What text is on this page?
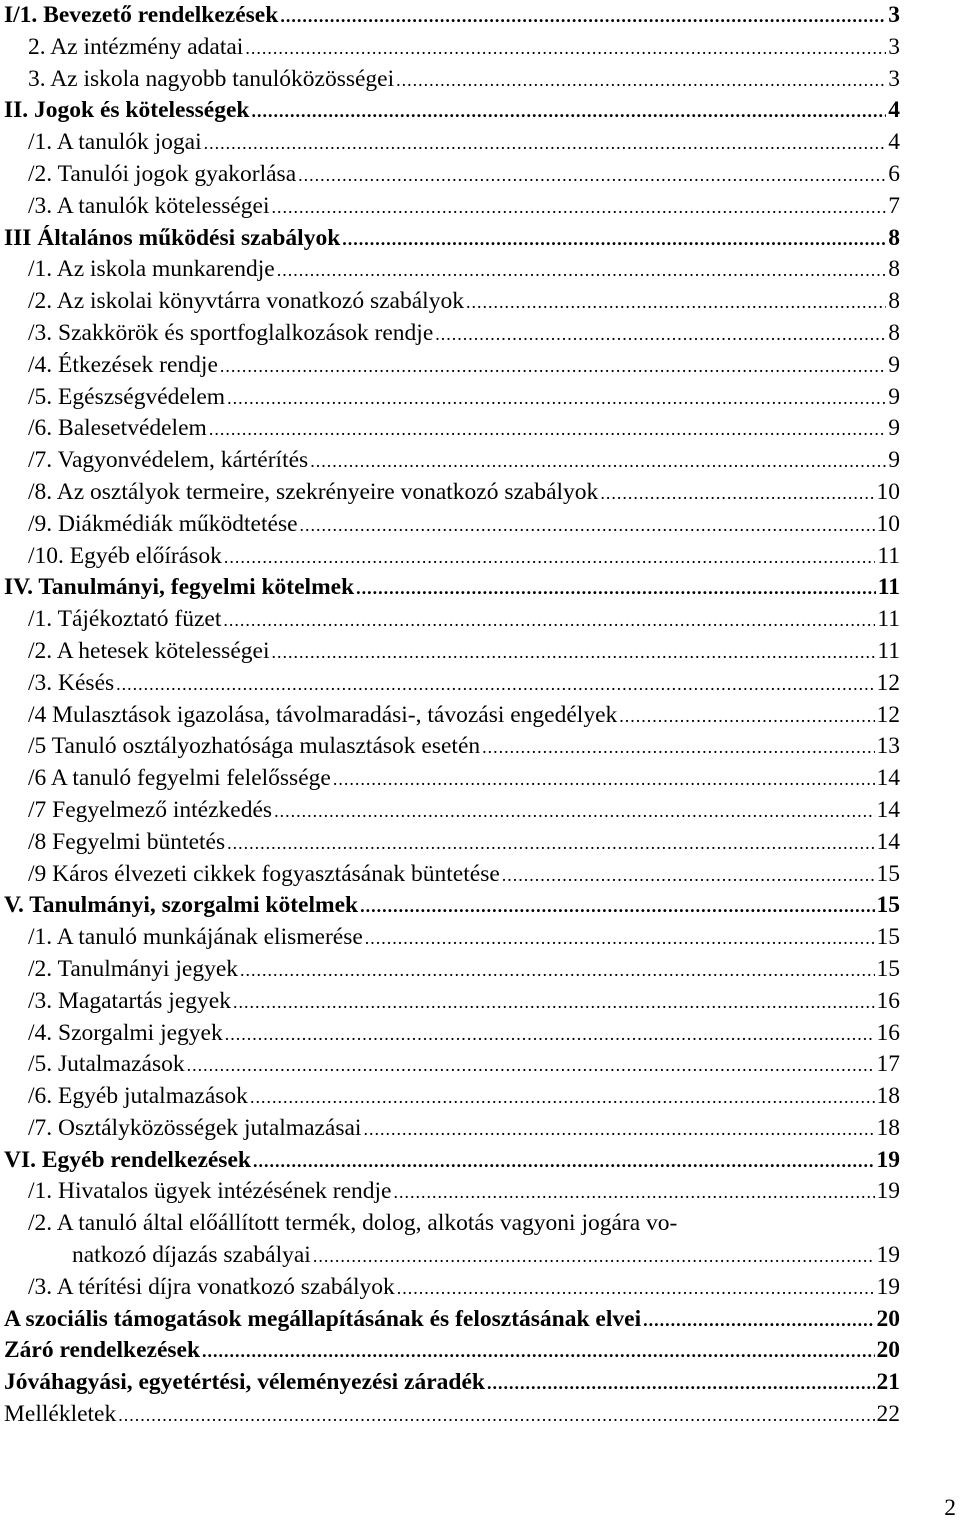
I/1. Bevezető rendelkezések .....	3
2. Az intézmény adatai .....	3
3. Az iskola nagyobb tanulóközösségei .....	3
II. Jogok és kötelességek .....	4
/1. A tanulók jogai .....	4
/2. Tanulói jogok gyakorlása .....	6
/3. A tanulók kötelességei .....	7
III Általános működési szabályok .....	8
/1. Az iskola munkarendje .....	8
/2. Az iskolai könyvtárra vonatkozó szabályok .....	8
/3. Szakkörök és sportfoglalkozások rendje .....	8
/4. Étkezések rendje .....	9
/5. Egészségvédelem .....	9
/6. Balesetvédelem .....	9
/7. Vagyonvédelem, kártérítés .....	9
/8. Az osztályok termeire, szekrényeire vonatkozó szabályok .....	10
/9. Diákmédiák működtetése .....	10
/10. Egyéb előírások .....	11
IV. Tanulmányi, fegyelmi kötelmek .....	11
/1. Tájékoztató füzet .....	11
/2. A hetesek kötelességei .....	11
/3. Késés .....	12
/4 Mulasztások igazolása, távolmaradási-, távozási engedélyek .....	12
/5 Tanuló osztályozhatósága mulasztások esetén .....	13
/6 A tanuló fegyelmi felelőssége .....	14
/7 Fegyelmező intézkedés .....	14
/8 Fegyelmi büntetés .....	14
/9 Káros élvezeti cikkek fogyasztásának büntetése .....	15
V. Tanulmányi, szorgalmi kötelmek .....	15
/1. A tanuló munkájának elismerése .....	15
/2. Tanulmányi jegyek .....	15
/3. Magatartás jegyek .....	16
/4. Szorgalmi jegyek .....	16
/5. Jutalmazások .....	17
/6. Egyéb jutalmazások .....	18
/7. Osztályközösségek jutalmazásai .....	18
VI. Egyéb rendelkezések .....	19
/1. Hivatalos ügyek intézésének rendje .....	19
/2. A tanuló által előállított termék, dolog, alkotás vagyoni jogára vo-
natkozó díjazás szabályai .....	19
/3. A térítési díjra vonatkozó szabályok .....	19
A szociális támogatások megállapításának és felosztásának elvei .....	20
Záró rendelkezések .....	20
Jóváhagyási, egyetértési, véleményezési záradék .....	21
Mellékletek .....	22
2
